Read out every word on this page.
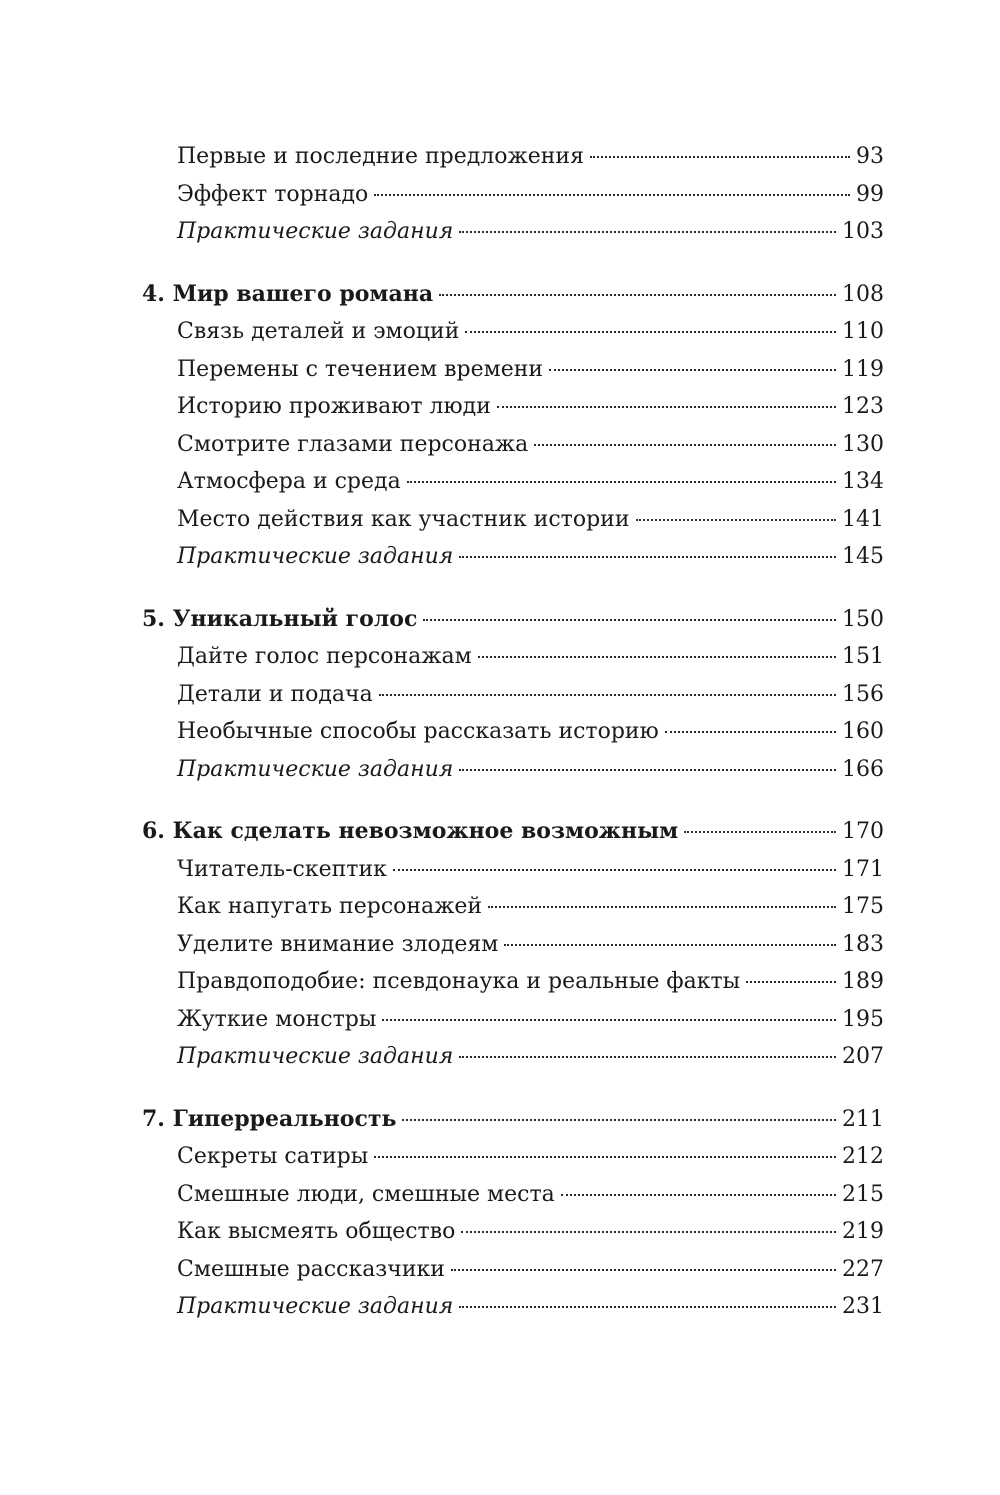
Первые и последние предложения	93
Эффект торнадо	99
Практические задания	103
4. Мир вашего романа	108
Связь деталей и эмоций	110
Перемены с течением времени	119
Историю проживают люди	123
Смотрите глазами персонажа	130
Атмосфера и среда	134
Место действия как участник истории	141
Практические задания	145
5. Уникальный голос	150
Дайте голос персонажам	151
Детали и подача	156
Необычные способы рассказать историю	160
Практические задания	166
6. Как сделать невозможное возможным	170
Читатель-скептик	171
Как напугать персонажей	175
Уделите внимание злодеям	183
Правдоподобие: псевдонаука и реальные факты	189
Жуткие монстры	195
Практические задания	207
7. Гиперреальность	211
Секреты сатиры	212
Смешные люди, смешные места	215
Как высмеять общество	219
Смешные рассказчики	227
Практические задания	231
